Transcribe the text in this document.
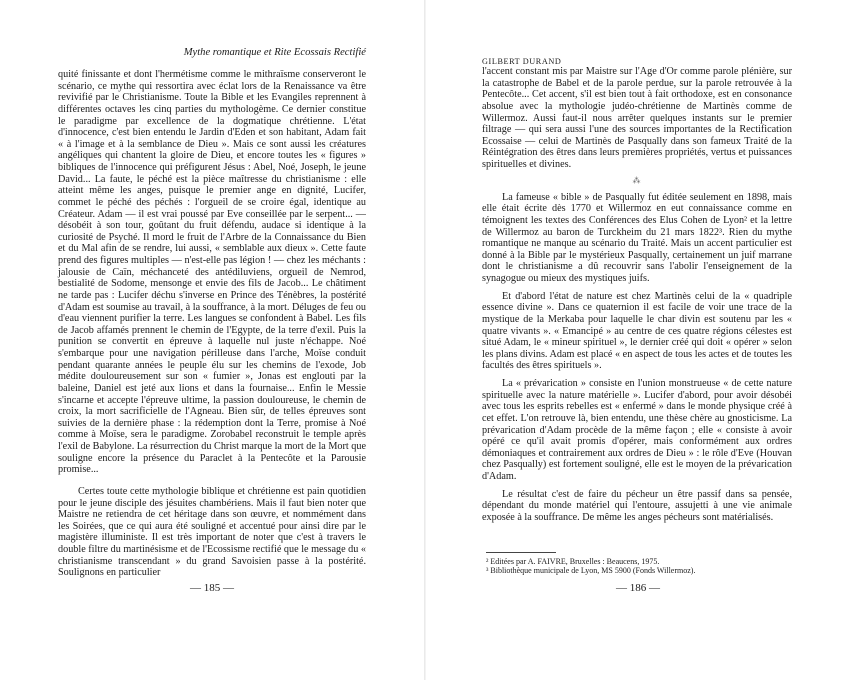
Mythe romantique et Rite Ecossais Rectifié

quité finissante et dont l'hermétisme comme le mithraïsme conserveront le scénario, ce mythe qui ressortira avec éclat lors de la Renaissance va être revivifié par le Christianisme. Toute la Bible et les Evangiles reprennent à différentes octaves les cinq parties du mythologème. Ce dernier constitue le paradigme par excellence de la dogmatique chrétienne. L'état d'innocence, c'est bien entendu le Jardin d'Eden et son habitant, Adam fait « à l'image et à la semblance de Dieu ». Mais ce sont aussi les créatures angéliques qui chantent la gloire de Dieu, et encore toutes les « figures » bibliques de l'innocence qui préfigurent Jésus : Abel, Noé, Joseph, le jeune David... La faute, le péché est la pièce maîtresse du christianisme : elle atteint même les anges, puisque le premier ange en dignité, Lucifer, commet le péché des péchés : l'orgueil de se croire égal, identique au Créateur. Adam — il est vrai poussé par Eve conseillée par le serpent... — désobéit à son tour, goûtant du fruit défendu, audace si identique à la curiosité de Psyché. Il mord le fruit de l'Arbre de la Connaissance du Bien et du Mal afin de se rendre, lui aussi, « semblable aux dieux ». Cette faute prend des figures multiples — n'est-elle pas légion ! — chez les méchants : jalousie de Caïn, méchanceté des antédiluviens, orgueil de Nemrod, bestialité de Sodome, mensonge et envie des fils de Jacob... Le châtiment ne tarde pas : Lucifer déchu s'inverse en Prince des Ténèbres, la postérité d'Adam est soumise au travail, à la souffrance, à la mort. Déluges de feu ou d'eau viennent purifier la terre. Les langues se confondent à Babel. Les fils de Jacob affamés prennent le chemin de l'Egypte, de la terre d'exil. Puis la punition se convertit en épreuve à laquelle nul juste n'échappe. Noé s'embarque pour une navigation périlleuse dans l'arche, Moïse conduit pendant quarante années le peuple élu sur les chemins de l'exode, Job médite douloureusement sur son « fumier », Jonas est englouti par la baleine, Daniel est jeté aux lions et dans la fournaise... Enfin le Messie s'incarne et accepte l'épreuve ultime, la passion douloureuse, le chemin de croix, la mort sacrificielle de l'Agneau. Bien sûr, de telles épreuves sont suivies de la dernière phase : la rédemption dont la Terre, promise à Noé comme à Moïse, sera le paradigme. Zorobabel reconstruit le temple après l'exil de Babylone. La résurrection du Christ marque la mort de la Mort que souligne encore la présence du Paraclet à la Pentecôte et la Parousie promise...

Certes toute cette mythologie biblique et chrétienne est pain quotidien pour le jeune disciple des jésuites chambériens. Mais il faut bien noter que Maistre ne retiendra de cet héritage dans son œuvre, et nommément dans les Soirées, que ce qui aura été souligné et accentué pour ainsi dire par le magistère illuministe. Il est très important de noter que c'est à travers le double filtre du martinésisme et de l'Ecossisme rectifié que le message du « christianisme transcendant » du grand Savoisien passe à la postérité. Soulignons en particulier

— 185 —
GILBERT DURAND

l'accent constant mis par Maistre sur l'Age d'Or comme parole plénière, sur la catastrophe de Babel et de la parole perdue, sur la parole retrouvée à la Pentecôte... Cet accent, s'il est bien tout à fait orthodoxe, est en consonance absolue avec la mythologie judéo-chrétienne de Martinès comme de Willermoz. Aussi faut-il nous arrêter quelques instants sur le premier filtrage — qui sera aussi l'une des sources importantes de la Rectification Ecossaise — celui de Martinès de Pasqually dans son fameux Traité de la Réintégration des êtres dans leurs premières propriétés, vertus et puissances spirituelles et divines.

⁂

La fameuse « bible » de Pasqually fut éditée seulement en 1898, mais elle était écrite dès 1770 et Willermoz en eut connaissance comme en témoignent les textes des Conférences des Elus Cohen de Lyon² et la lettre de Willermoz au baron de Turckheim du 21 mars 1822³. Rien du mythe romantique ne manque au scénario du Traité. Mais un accent particulier est donné à la Bible par le mystérieux Pasqually, certainement un juif marrane dont le christianisme a dû recouvrir sans l'abolir l'enseignement de la synagogue ou mieux des mystiques juifs.

Et d'abord l'état de nature est chez Martinès celui de la « quadriple essence divine ». Dans ce quaternion il est facile de voir une trace de la mystique de la Merkaba pour laquelle le char divin est soutenu par les « quatre vivants ». « Emancipé » au centre de ces quatre régions célestes est situé Adam, le « mineur spirituel », le dernier créé qui doit « opérer » selon les plans divins. Adam est placé « en aspect de tous les actes et de toutes les facultés des êtres spirituels ».

La « prévarication » consiste en l'union monstrueuse « de cette nature spirituelle avec la nature matérielle ». Lucifer d'abord, pour avoir désobéi avec tous les esprits rebelles est « enfermé » dans le monde physique créé à cet effet. L'on retrouve là, bien entendu, une thèse chère au gnosticisme. La prévarication d'Adam procède de la même façon ; elle « consiste à avoir opéré ce qu'il avait promis d'opérer, mais conformément aux ordres démoniaques et contrairement aux ordres de Dieu » : le rôle d'Eve (Houvan chez Pasqually) est fortement souligné, elle est le moyen de la prévarication d'Adam.

Le résultat c'est de faire du pécheur un être passif dans sa pensée, dépendant du monde matériel qui l'entoure, assujetti à une vie animale exposée à la souffrance. De même les anges pécheurs sont matérialisés.

² Editées par A. FAIVRE, Bruxelles : Beaucens, 1975.
³ Bibliothèque municipale de Lyon, MS 5900 (Fonds Willermoz).
— 186 —
